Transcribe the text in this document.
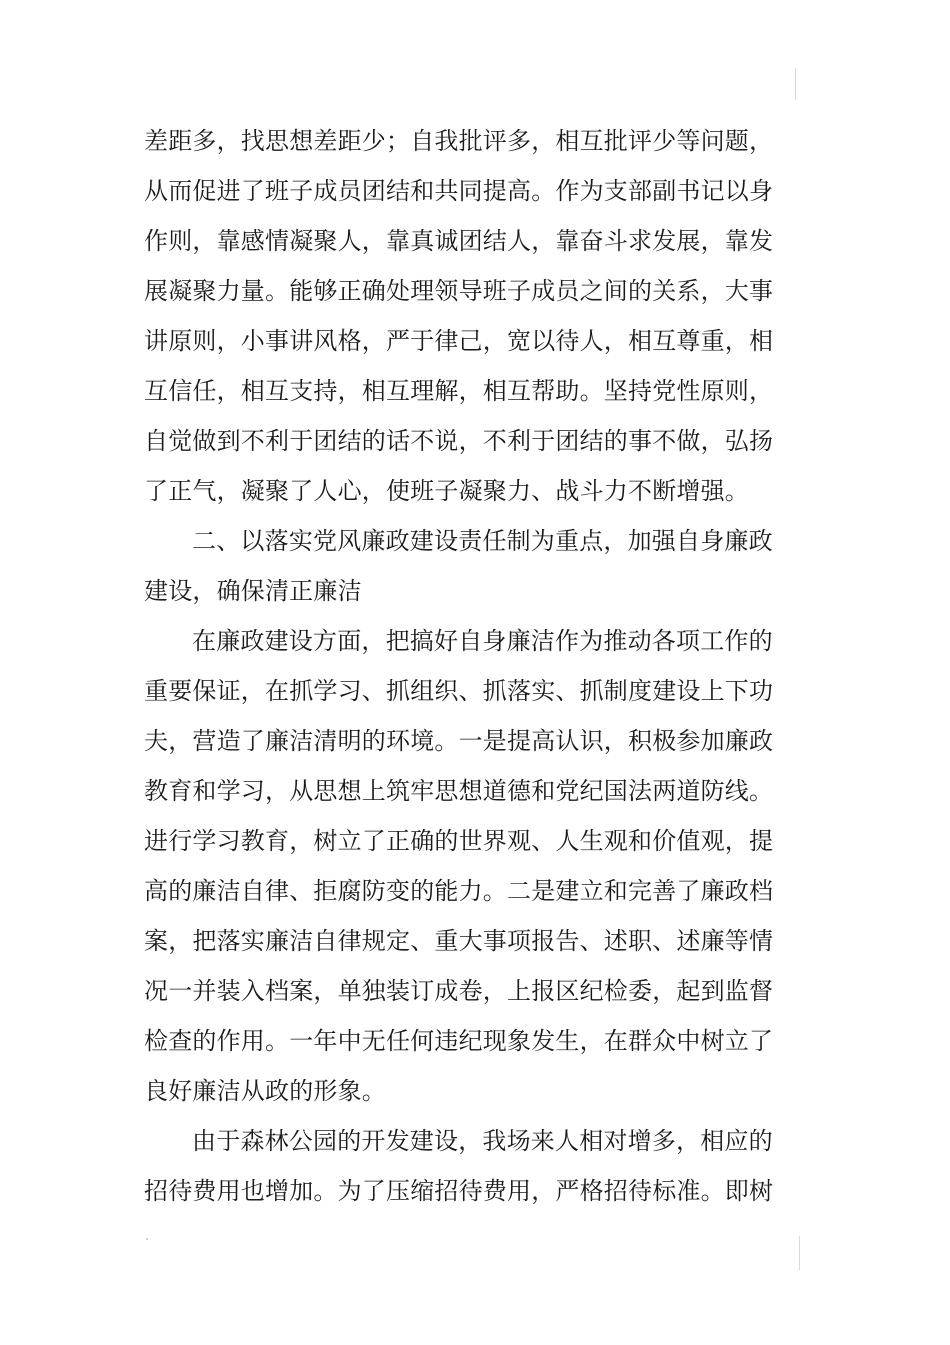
差距多，找思想差距少；自我批评多，相互批评少等问题，
从而促进了班子成员团结和共同提高。作为支部副书记以身
作则，靠感情凝聚人，靠真诚团结人，靠奋斗求发展，靠发
展凝聚力量。能够正确处理领导班子成员之间的关系，大事
讲原则，小事讲风格，严于律己，宽以待人，相互尊重，相
互信任，相互支持，相互理解，相互帮助。坚持党性原则，
自觉做到不利于团结的话不说，不利于团结的事不做，弘扬
了正气，凝聚了人心，使班子凝聚力、战斗力不断增强。
二、以落实党风廉政建设责任制为重点，加强自身廉政
建设，确保清正廉洁
在廉政建设方面，把搞好自身廉洁作为推动各项工作的
重要保证，在抓学习、抓组织、抓落实、抓制度建设上下功
夫，营造了廉洁清明的环境。一是提高认识，积极参加廉政
教育和学习，从思想上筑牢思想道德和党纪国法两道防线。
进行学习教育，树立了正确的世界观、人生观和价值观，提
高的廉洁自律、拒腐防变的能力。二是建立和完善了廉政档
案，把落实廉洁自律规定、重大事项报告、述职、述廉等情
况一并装入档案，单独装订成卷，上报区纪检委，起到监督
检查的作用。一年中无任何违纪现象发生，在群众中树立了
良好廉洁从政的形象。
由于森林公园的开发建设，我场来人相对增多，相应的
招待费用也增加。为了压缩招待费用，严格招待标准。即树
